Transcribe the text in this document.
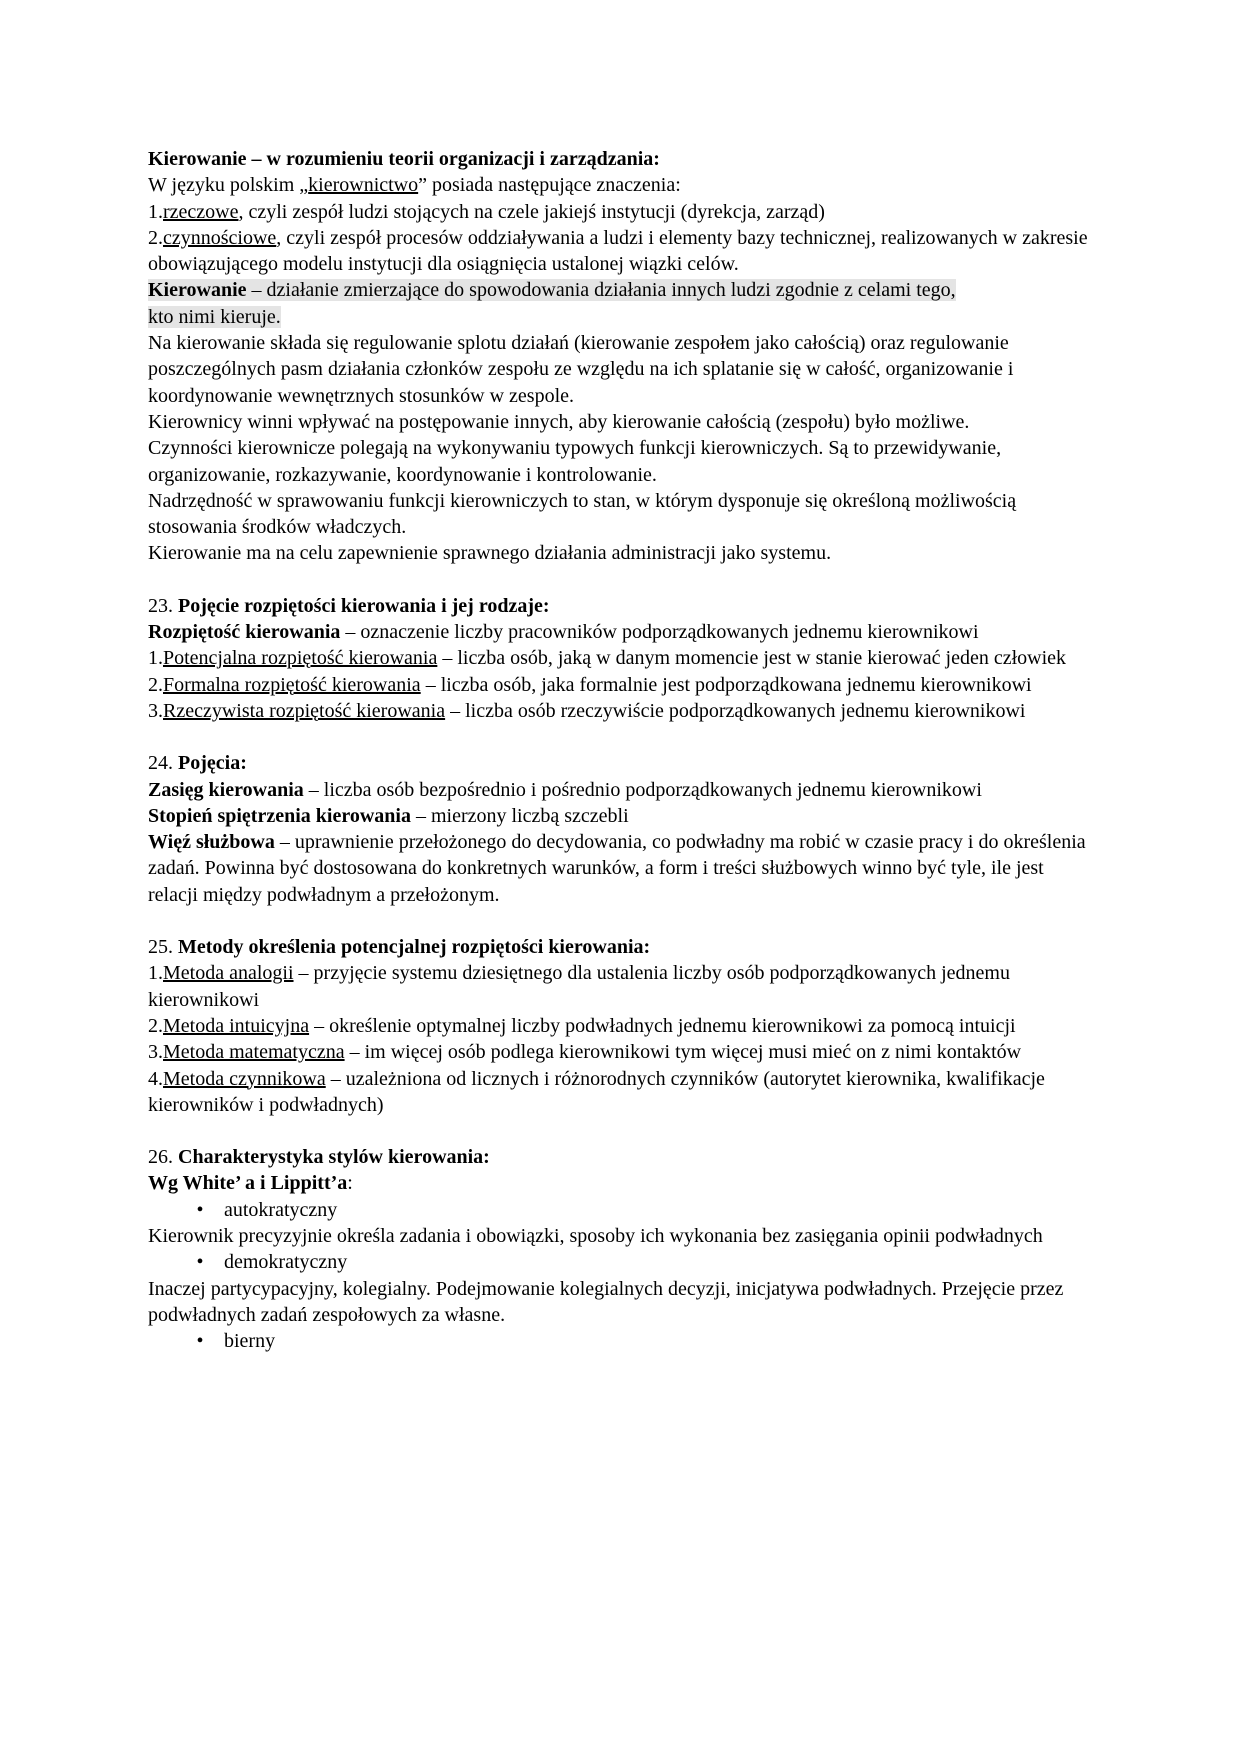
Kierowanie – w rozumieniu teorii organizacji i zarządzania:

W języku polskim „kierownictwo” posiada następujące znaczenia:

1.rzeczowe, czyli zespół ludzi stojących na czele jakiejś instytucji (dyrekcja, zarząd)

2.czynnościowe, czyli zespół procesów oddziaływania a ludzi i elementy bazy technicznej, realizowanych w zakresie obowiązującego modelu instytucji dla osiągnięcia ustalonej wiązki celów.

Kierowanie – działanie zmierzające do spowodowania działania innych ludzi zgodnie z celami tego,
kto nimi kieruje.

Na kierowanie składa się regulowanie splotu działań (kierowanie zespołem jako całością) oraz regulowanie poszczególnych pasm działania członków zespołu ze względu na ich splatanie się w całość, organizowanie i koordynowanie wewnętrznych stosunków w zespole.

Kierownicy winni wpływać na postępowanie innych, aby kierowanie całością (zespołu) było możliwe.

Czynności kierownicze polegają na wykonywaniu typowych funkcji kierowniczych. Są to przewidywanie, organizowanie, rozkazywanie, koordynowanie i kontrolowanie.

Nadrzędność w sprawowaniu funkcji kierowniczych to stan, w którym dysponuje się określoną możliwością stosowania środków władczych.

Kierowanie ma na celu zapewnienie sprawnego działania administracji jako systemu.

23. Pojęcie rozpiętości kierowania i jej rodzaje:

Rozpiętość kierowania – oznaczenie liczby pracowników podporządkowanych jednemu kierownikowi

1.Potencjalna rozpiętość kierowania – liczba osób, jaką w danym momencie jest w stanie kierować jeden człowiek

2.Formalna rozpiętość kierowania – liczba osób, jaka formalnie jest podporządkowana jednemu kierownikowi

3.Rzeczywista rozpiętość kierowania – liczba osób rzeczywiście podporządkowanych jednemu kierownikowi

24. Pojęcia:

Zasięg kierowania – liczba osób bezpośrednio i pośrednio podporządkowanych jednemu kierownikowi

Stopień spiętrzenia kierowania – mierzony liczbą szczebli

Więź służbowa – uprawnienie przełożonego do decydowania, co podwładny ma robić w czasie pracy i do określenia zadań. Powinna być dostosowana do konkretnych warunków, a form i treści służbowych winno być tyle, ile jest relacji między podwładnym a przełożonym.

25. Metody określenia potencjalnej rozpiętości kierowania:

1.Metoda analogii – przyjęcie systemu dziesiętnego dla ustalenia liczby osób podporządkowanych jednemu kierownikowi

2.Metoda intuicyjna – określenie optymalnej liczby podwładnych jednemu kierownikowi za pomocą intuicji

3.Metoda matematyczna – im więcej osób podlega kierownikowi tym więcej musi mieć on z nimi kontaktów

4.Metoda czynnikowa – uzależniona od licznych i różnorodnych czynników (autorytet kierownika, kwalifikacje kierowników i podwładnych)

26. Charakterystyka stylów kierowania:

Wg White’ a i Lippitt’a:

•	autokratyczny

Kierownik precyzyjnie określa zadania i obowiązki, sposoby ich wykonania bez zasięgania opinii podwładnych

•	demokratyczny

Inaczej partycypacyjny, kolegialny. Podejmowanie kolegialnych decyzji, inicjatywa podwładnych. Przejęcie przez podwładnych zadań zespołowych za własne.

•	bierny
